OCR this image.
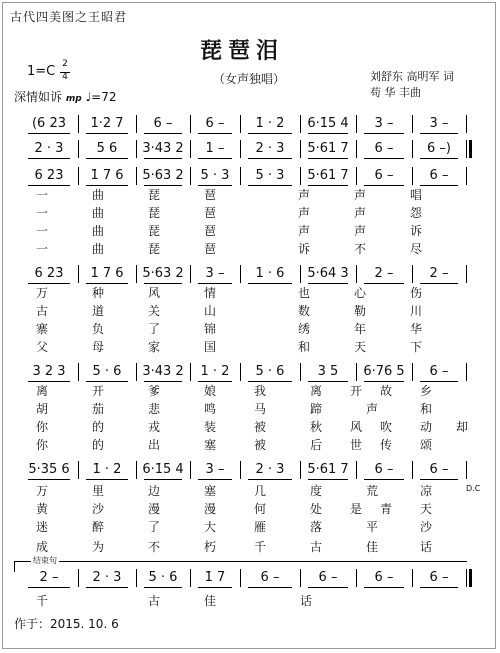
古代四美图之王昭君
琵琶泪
（女声独唱）	刘舒东 高明军 词
苟 华 丰曲
1=C 2
4
深情如诉 mp ♩=72
(6 2̇3̇	1̇·2̇ 7	6 –	6 –	1̇ · 2̇	6·1̇5 4	3 –	3 –
2 · 3	5 6	3·43 2	1 –	2 · 3	5·61 7	6 –	6 –)
6 2̇3̇	1̇ 7 6	5·63 2	5 · 3	5 · 3	5·61 7	6 –	6 –
6 2̇3̇	1̇ 7 6	5·63 2	3 –	1 · 6	5·64 3	2 –	2 –
3 2 3	5 · 6	3·43 2	1 · 2	5 · 6	3 5	6·76 5	6 –
5·35 6	1̇ · 2̇	6·1̇5 4	3 –	2 · 3	5·61 7	6 –	6 –
2 –	2 · 3	5 · 6	1̇ 7	6 –	6 –	6 –	6 –
一	曲	琵	琶	声	声	唱
一	曲	琵	琶	声	声	怨
一	曲	琵	琶	声	声	诉
一	曲	琵	琶	诉	不	尽
万	种	风	情	也	心	伤
古	道	关	山	数	勒	川
寨	负	了	锦	绣	年	华
父	母	家	国	和	天	下
离	开	爹	娘	我	离 开 故 乡
胡	茄	悲	鸣	马	蹄	声	和
你	的	戎	装	被	秋 风 吹 动 却
你	的	出	塞	被	后 世 传 颂
万	里	边	塞	几	度	荒	凉
黄	沙	漫	漫	何	处 是 青 天
迷	醉	了	大	雁	落	平	沙
成	为	不	朽	千	古	佳	话
千	古	佳	话
D.C
结束句
作于：2015. 10. 6
